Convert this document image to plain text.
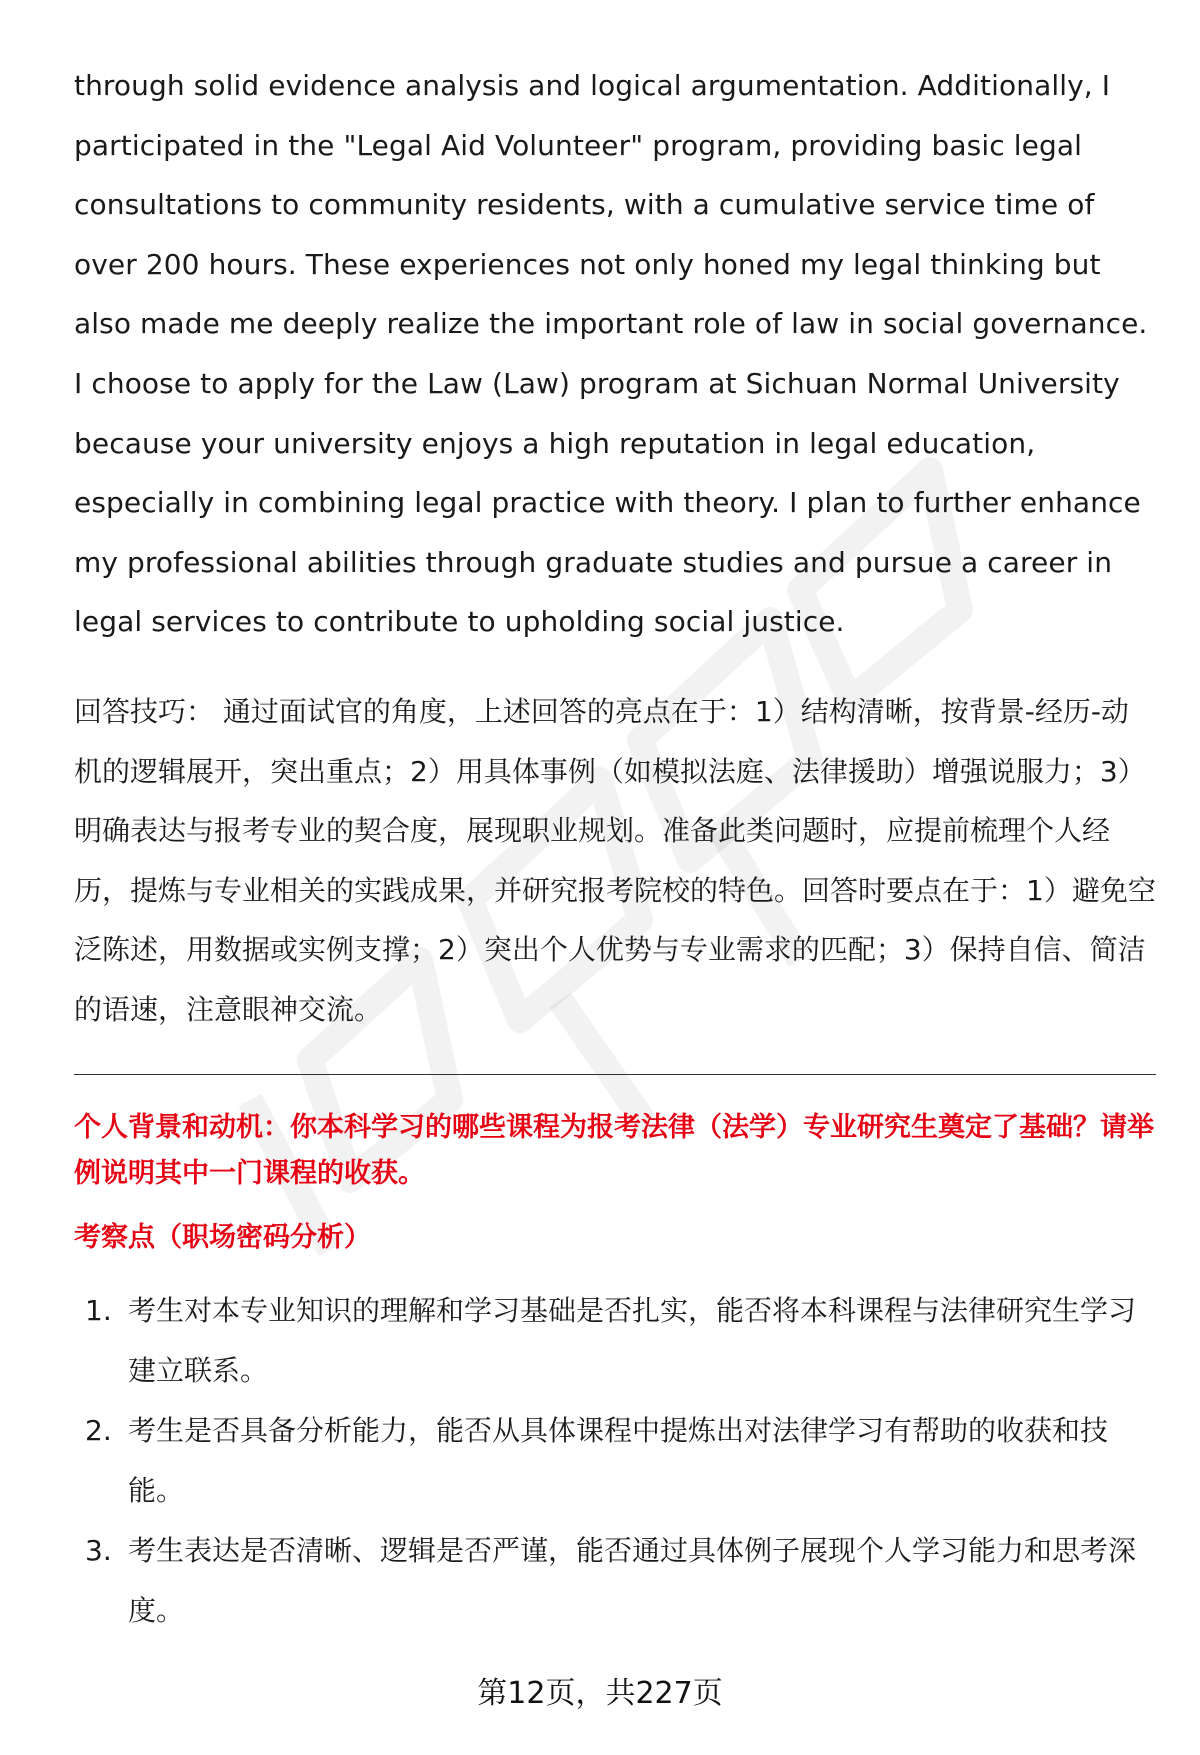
through solid evidence analysis and logical argumentation. Additionally, I participated in the "Legal Aid Volunteer" program, providing basic legal consultations to community residents, with a cumulative service time of over 200 hours. These experiences not only honed my legal thinking but also made me deeply realize the important role of law in social governance. I choose to apply for the Law (Law) program at Sichuan Normal University because your university enjoys a high reputation in legal education, especially in combining legal practice with theory. I plan to further enhance my professional abilities through graduate studies and pursue a career in legal services to contribute to upholding social justice.

回答技巧： 通过面试官的角度，上述回答的亮点在于：1）结构清晰，按背景-经历-动机的逻辑展开，突出重点；2）用具体事例（如模拟法庭、法律援助）增强说服力；3）明确表达与报考专业的契合度，展现职业规划。准备此类问题时，应提前梳理个人经历，提炼与专业相关的实践成果，并研究报考院校的特色。回答时要点在于：1）避免空泛陈述，用数据或实例支撑；2）突出个人优势与专业需求的匹配；3）保持自信、简洁的语速，注意眼神交流。

个人背景和动机：你本科学习的哪些课程为报考法律（法学）专业研究生奠定了基础？请举例说明其中一门课程的收获。

考察点（职场密码分析）

1. 考生对本专业知识的理解和学习基础是否扎实，能否将本科课程与法律研究生学习建立联系。
2. 考生是否具备分析能力，能否从具体课程中提炼出对法律学习有帮助的收获和技能。
3. 考生表达是否清晰、逻辑是否严谨，能否通过具体例子展现个人学习能力和思考深度。
第12页，共227页
